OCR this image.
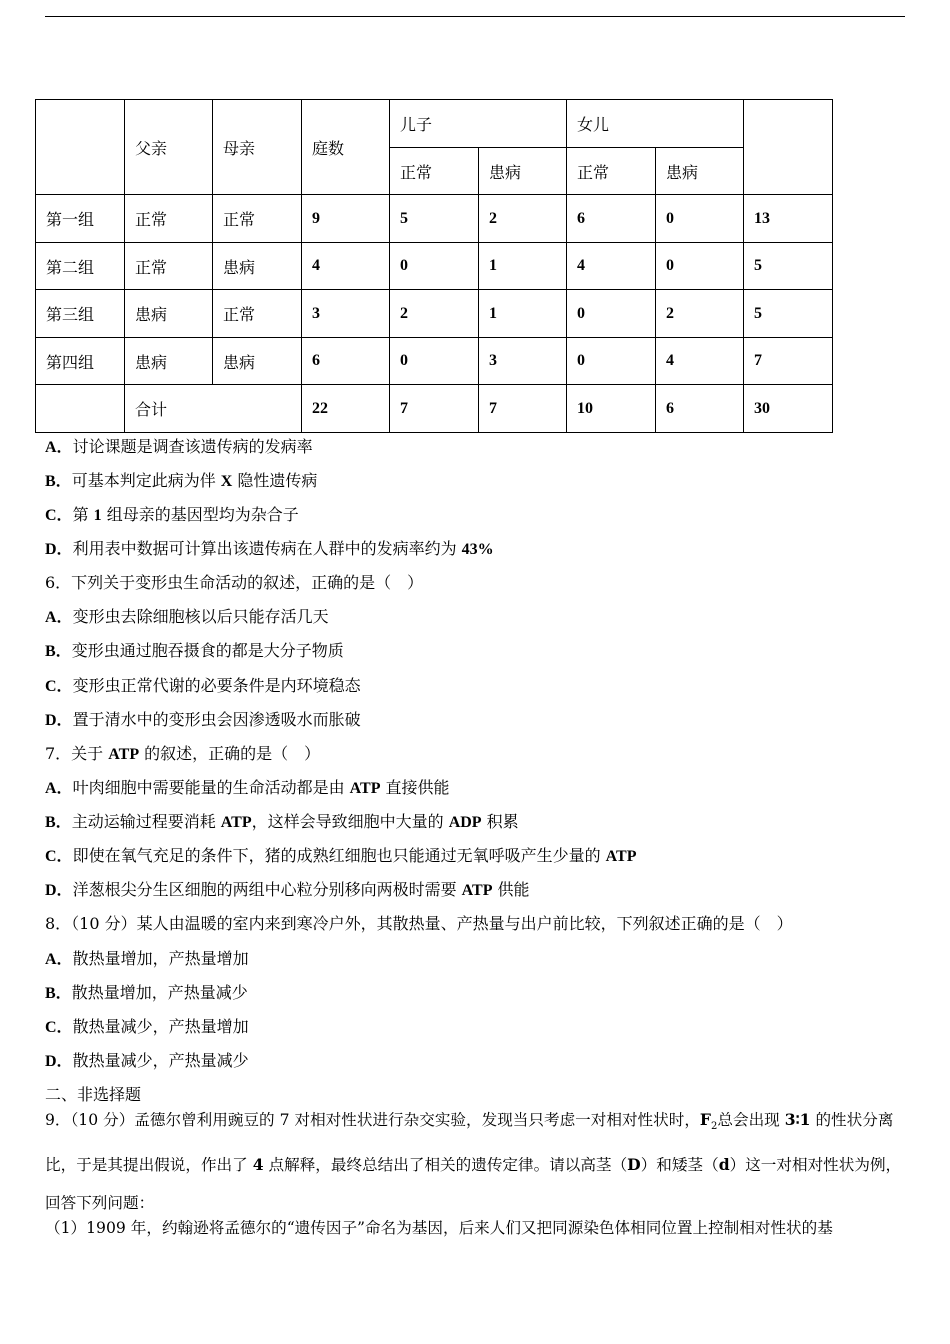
	父亲	母亲	庭数	儿子		女儿		
				正常	患病	正常	患病	
第一组	正常	正常	9	5	2	6	0	13
第二组	正常	患病	4	0	1	4	0	5
第三组	患病	正常	3	2	1	0	2	5
第四组	患病	患病	6	0	3	0	4	7
	合计		22	7	7	10	6	30
A．讨论课题是调查该遗传病的发病率
B．可基本判定此病为伴 X 隐性遗传病
C．第 1 组母亲的基因型均为杂合子
D．利用表中数据可计算出该遗传病在人群中的发病率约为 43%
6．下列关于变形虫生命活动的叙述，正确的是（　）
A．变形虫去除细胞核以后只能存活几天
B．变形虫通过胞吞摄食的都是大分子物质
C．变形虫正常代谢的必要条件是内环境稳态
D．置于清水中的变形虫会因渗透吸水而胀破
7．关于 ATP 的叙述，正确的是（　）
A．叶肉细胞中需要能量的生命活动都是由 ATP 直接供能
B．主动运输过程要消耗 ATP，这样会导致细胞中大量的 ADP 积累
C．即使在氧气充足的条件下，猪的成熟红细胞也只能通过无氧呼吸产生少量的 ATP
D．洋葱根尖分生区细胞的两组中心粒分别移向两极时需要 ATP 供能
8．（10 分）某人由温暖的室内来到寒冷户外，其散热量、产热量与出户前比较，下列叙述正确的是（　）
A．散热量增加，产热量增加
B．散热量增加，产热量减少
C．散热量减少，产热量增加
D．散热量减少，产热量减少
二、非选择题
9．（10 分）孟德尔曾利用豌豆的 7 对相对性状进行杂交实验，发现当只考虑一对相对性状时，$F_2$总会出现 3∶1 的性状分离比，于是其提出假说，作出了 4 点解释，最终总结出了相关的遗传定律。请以高茎（D）和矮茎（d）这一对相对性状为例，回答下列问题：
（1）1909 年，约翰逊将孟德尔的“遗传因子”命名为基因，后来人们又把同源染色体相同位置上控制相对性状的基
